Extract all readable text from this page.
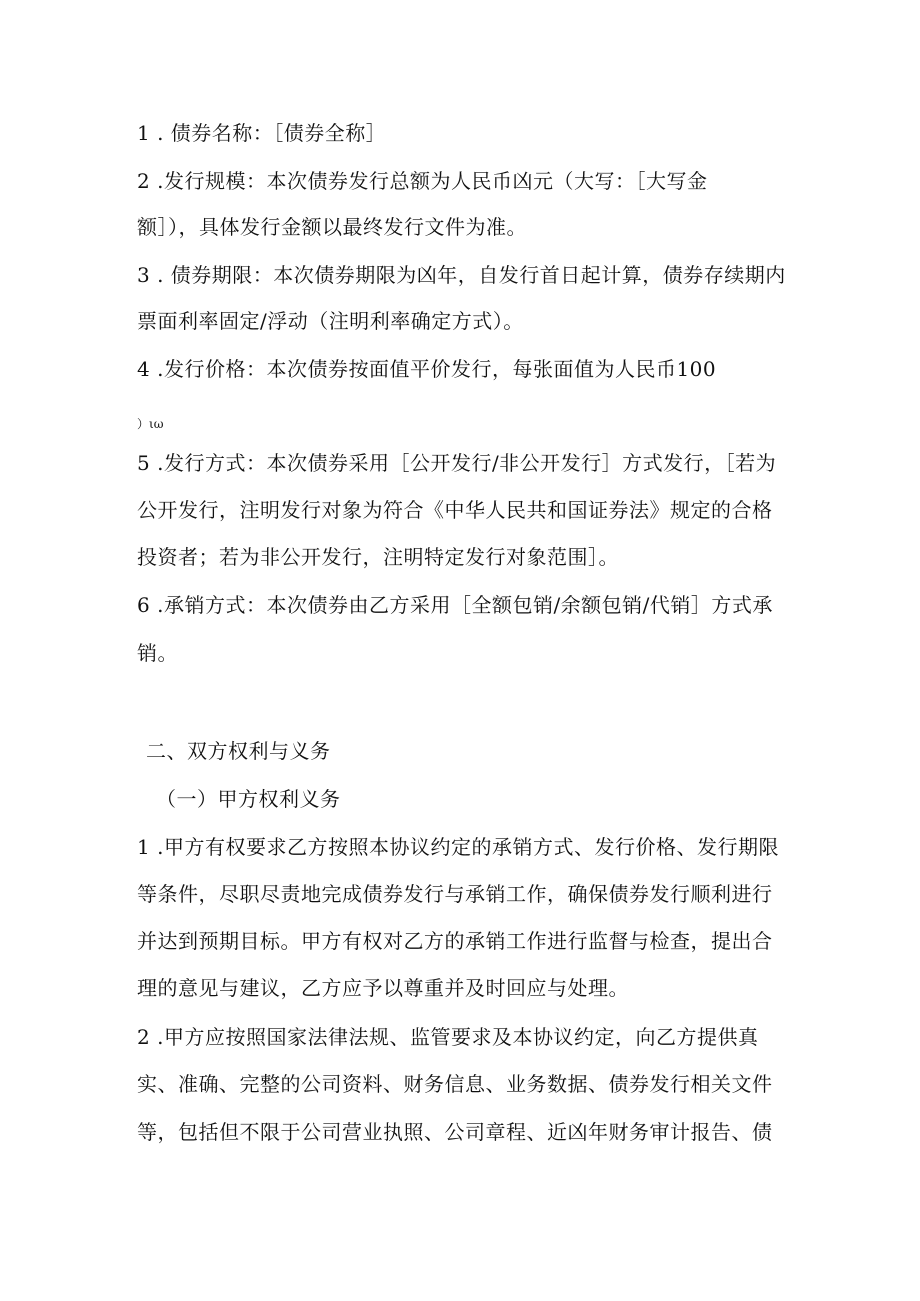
1 . 债券名称：［债券全称］
2 .发行规模：本次债券发行总额为人民币凶元（大写：［大写金
额］），具体发行金额以最终发行文件为准。
3 . 债券期限：本次债券期限为凶年，自发行首日起计算，债券存续期内
票面利率固定/浮动（注明利率确定方式）。
4 .发行价格：本次债券按面值平价发行，每张面值为人民币100
）ιω
5 .发行方式：本次债券采用［公开发行/非公开发行］方式发行，［若为
公开发行，注明发行对象为符合《中华人民共和国证券法》规定的合格
投资者；若为非公开发行，注明特定发行对象范围］。
6 .承销方式：本次债券由乙方采用［全额包销/余额包销/代销］方式承
销。
二、双方权利与义务
（一）甲方权利义务
1 .甲方有权要求乙方按照本协议约定的承销方式、发行价格、发行期限
等条件，尽职尽责地完成债券发行与承销工作，确保债券发行顺利进行
并达到预期目标。甲方有权对乙方的承销工作进行监督与检查，提出合
理的意见与建议，乙方应予以尊重并及时回应与处理。
2 .甲方应按照国家法律法规、监管要求及本协议约定，向乙方提供真
实、准确、完整的公司资料、财务信息、业务数据、债券发行相关文件
等，包括但不限于公司营业执照、公司章程、近凶年财务审计报告、债
